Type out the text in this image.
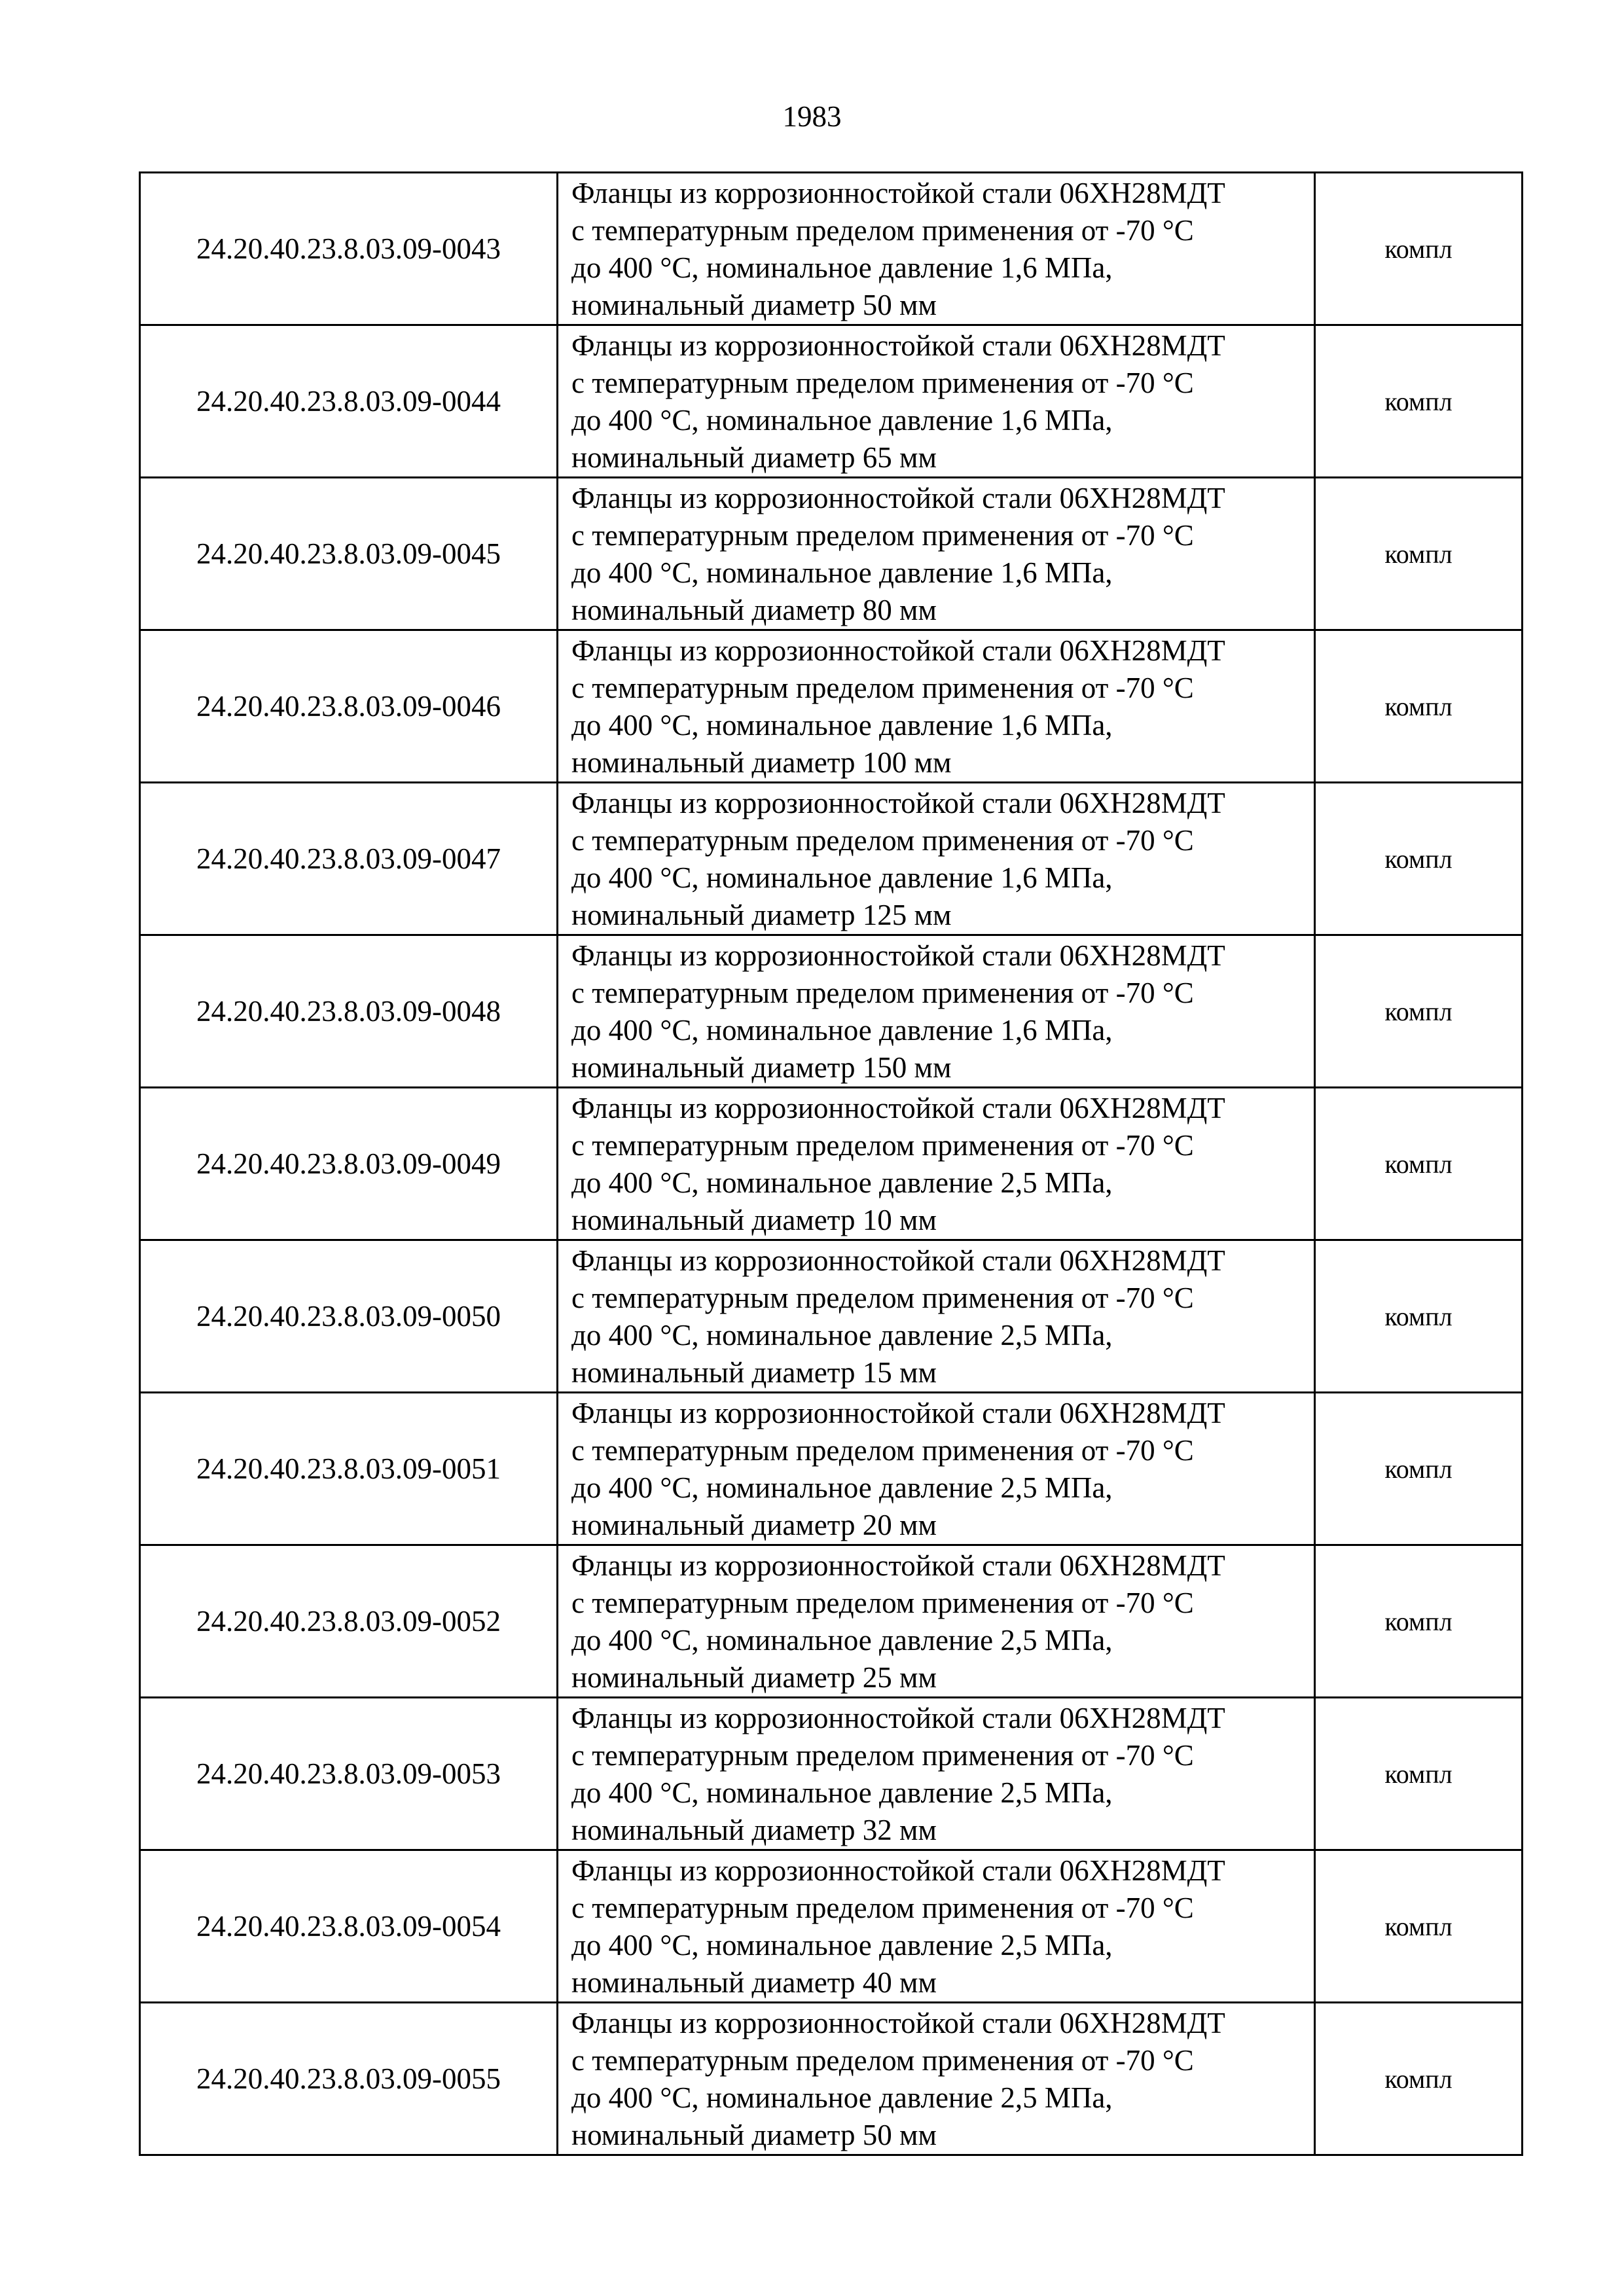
1983
24.20.40.23.8.03.09-0043	Фланцы из коррозионностойкой стали 06ХН28МДТ
с температурным пределом применения от -70 °С
до 400 °С, номинальное давление 1,6 МПа,
номинальный диаметр 50 мм	компл
24.20.40.23.8.03.09-0044	Фланцы из коррозионностойкой стали 06ХН28МДТ
с температурным пределом применения от -70 °С
до 400 °С, номинальное давление 1,6 МПа,
номинальный диаметр 65 мм	компл
24.20.40.23.8.03.09-0045	Фланцы из коррозионностойкой стали 06ХН28МДТ
с температурным пределом применения от -70 °С
до 400 °С, номинальное давление 1,6 МПа,
номинальный диаметр 80 мм	компл
24.20.40.23.8.03.09-0046	Фланцы из коррозионностойкой стали 06ХН28МДТ
с температурным пределом применения от -70 °С
до 400 °С, номинальное давление 1,6 МПа,
номинальный диаметр 100 мм	компл
24.20.40.23.8.03.09-0047	Фланцы из коррозионностойкой стали 06ХН28МДТ
с температурным пределом применения от -70 °С
до 400 °С, номинальное давление 1,6 МПа,
номинальный диаметр 125 мм	компл
24.20.40.23.8.03.09-0048	Фланцы из коррозионностойкой стали 06ХН28МДТ
с температурным пределом применения от -70 °С
до 400 °С, номинальное давление 1,6 МПа,
номинальный диаметр 150 мм	компл
24.20.40.23.8.03.09-0049	Фланцы из коррозионностойкой стали 06ХН28МДТ
с температурным пределом применения от -70 °С
до 400 °С, номинальное давление 2,5 МПа,
номинальный диаметр 10 мм	компл
24.20.40.23.8.03.09-0050	Фланцы из коррозионностойкой стали 06ХН28МДТ
с температурным пределом применения от -70 °С
до 400 °С, номинальное давление 2,5 МПа,
номинальный диаметр 15 мм	компл
24.20.40.23.8.03.09-0051	Фланцы из коррозионностойкой стали 06ХН28МДТ
с температурным пределом применения от -70 °С
до 400 °С, номинальное давление 2,5 МПа,
номинальный диаметр 20 мм	компл
24.20.40.23.8.03.09-0052	Фланцы из коррозионностойкой стали 06ХН28МДТ
с температурным пределом применения от -70 °С
до 400 °С, номинальное давление 2,5 МПа,
номинальный диаметр 25 мм	компл
24.20.40.23.8.03.09-0053	Фланцы из коррозионностойкой стали 06ХН28МДТ
с температурным пределом применения от -70 °С
до 400 °С, номинальное давление 2,5 МПа,
номинальный диаметр 32 мм	компл
24.20.40.23.8.03.09-0054	Фланцы из коррозионностойкой стали 06ХН28МДТ
с температурным пределом применения от -70 °С
до 400 °С, номинальное давление 2,5 МПа,
номинальный диаметр 40 мм	компл
24.20.40.23.8.03.09-0055	Фланцы из коррозионностойкой стали 06ХН28МДТ
с температурным пределом применения от -70 °С
до 400 °С, номинальное давление 2,5 МПа,
номинальный диаметр 50 мм	компл
